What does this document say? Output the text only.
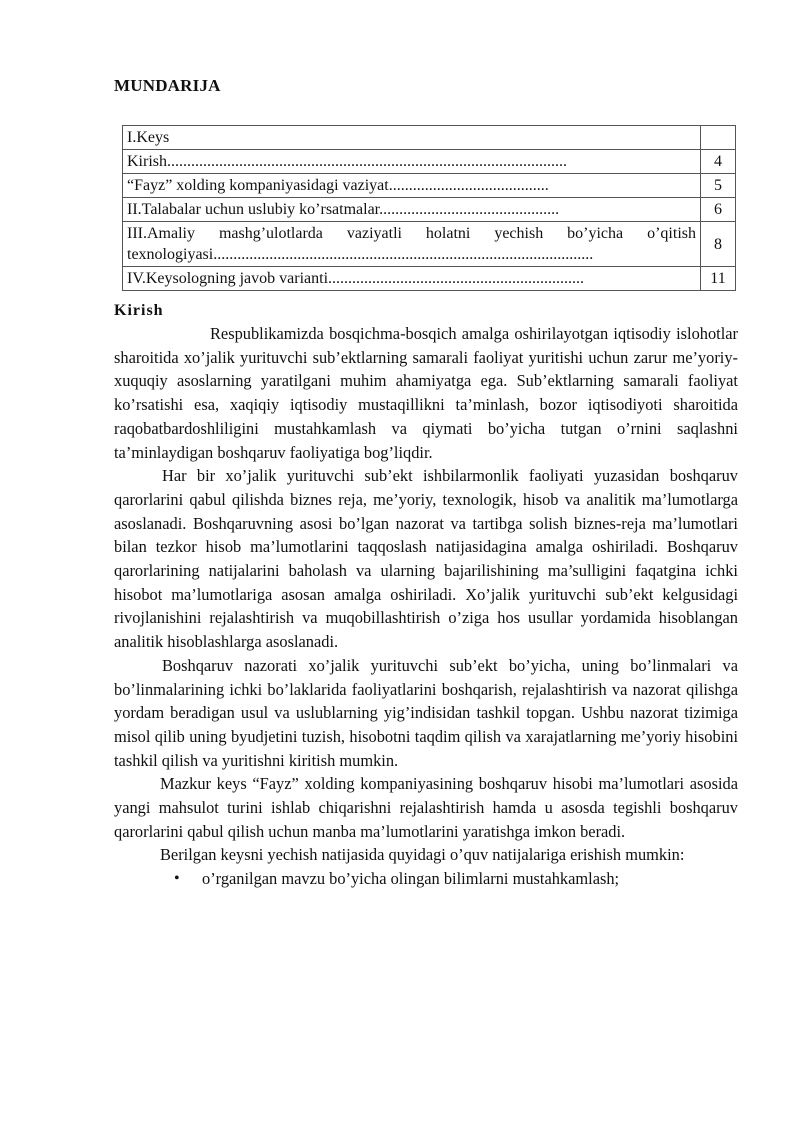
MUNDARIJA
I.Keys	
Kirish....................................................................................................	4
“Fayz” xolding kompaniyasidagi vaziyat........................................	5
II.Talabalar uchun uslubiy ko’rsatmalar.............................................	6
III.Amaliy mashg’ulotlarda vaziyatli holatni yechish bo’yicha o’qitish texnologiyasi...............................................................................................	8
IV.Keysologning javob varianti................................................................	11
Kirish

Respublikamizda bosqichma-bosqich amalga oshirilayotgan iqtisodiy islohotlar sharoitida xo’jalik yurituvchi sub’ektlarning samarali faoliyat yuritishi uchun zarur me’yoriy-xuquqiy asoslarning yaratilgani muhim ahamiyatga ega. Sub’ektlarning samarali faoliyat ko’rsatishi esa, xaqiqiy iqtisodiy mustaqillikni ta’minlash, bozor iqtisodiyoti sharoitida raqobatbardoshliligini mustahkamlash va qiymati bo’yicha tutgan o’rnini saqlashni ta’minlaydigan boshqaruv faoliyatiga bog’liqdir.

Har bir xo’jalik yurituvchi sub’ekt ishbilarmonlik faoliyati yuzasidan boshqaruv qarorlarini qabul qilishda biznes reja, me’yoriy, texnologik, hisob va analitik ma’lumotlarga asoslanadi. Boshqaruvning asosi bo’lgan nazorat va tartibga solish biznes-reja ma’lumotlari bilan tezkor hisob ma’lumotlarini taqqoslash natijasidagina amalga oshiriladi. Boshqaruv qarorlarining natijalarini baholash va ularning bajarilishining ma’sulligini faqatgina ichki hisobot ma’lumotlariga asosan amalga oshiriladi. Xo’jalik yurituvchi sub’ekt kelgusidagi rivojlanishini rejalashtirish va muqobillashtirish o’ziga hos usullar yordamida hisoblangan analitik hisoblashlarga asoslanadi.

Boshqaruv nazorati xo’jalik yurituvchi sub’ekt bo’yicha, uning bo’linmalari va bo’linmalarining ichki bo’laklarida faoliyatlarini boshqarish, rejalashtirish va nazorat qilishga yordam beradigan usul va uslublarning yig’indisidan tashkil topgan. Ushbu nazorat tizimiga misol qilib uning byudjetini tuzish, hisobotni taqdim qilish va xarajatlarning me’yoriy hisobini tashkil qilish va yuritishni kiritish mumkin.

Mazkur keys “Fayz” xolding kompaniyasining boshqaruv hisobi ma’lumotlari asosida yangi mahsulot turini ishlab chiqarishni rejalashtirish hamda u asosda tegishli boshqaruv qarorlarini qabul qilish uchun manba ma’lumotlarini yaratishga imkon beradi.

Berilgan keysni yechish natijasida quyidagi o’quv natijalariga erishish mumkin:

• o’rganilgan mavzu bo’yicha olingan bilimlarni mustahkamlash;
